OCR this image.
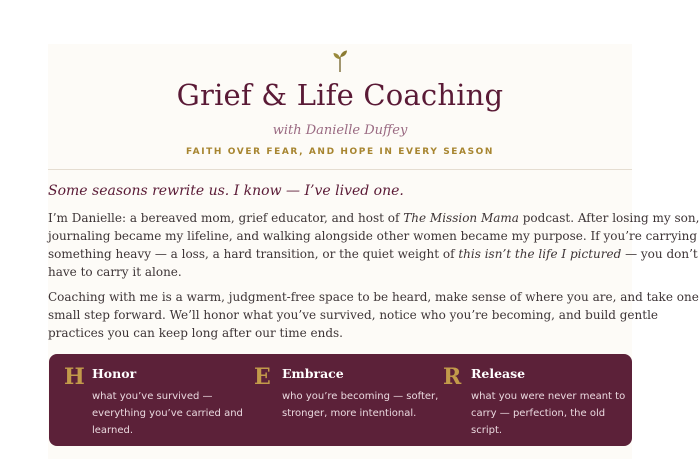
Grief & Life Coaching
with Danielle Duffey
FAITH OVER FEAR, AND HOPE IN EVERY SEASON
Some seasons rewrite us. I know — I’ve lived one.
I’m Danielle: a bereaved mom, grief educator, and host of The Mission Mama podcast. After losing my son,
journaling became my lifeline, and walking alongside other women became my purpose. If you’re carrying
something heavy — a loss, a hard transition, or the quiet weight of this isn’t the life I pictured — you don’t
have to carry it alone.
Coaching with me is a warm, judgment-free space to be heard, make sense of where you are, and take one
small step forward. We’ll honor what you’ve survived, notice who you’re becoming, and build gentle
practices you can keep long after our time ends.
H Honor
what you’ve survived —
everything you’ve carried and
learned.
E Embrace
who you’re becoming — softer,
stronger, more intentional.
R Release
what you were never meant to
carry — perfection, the old
script.
